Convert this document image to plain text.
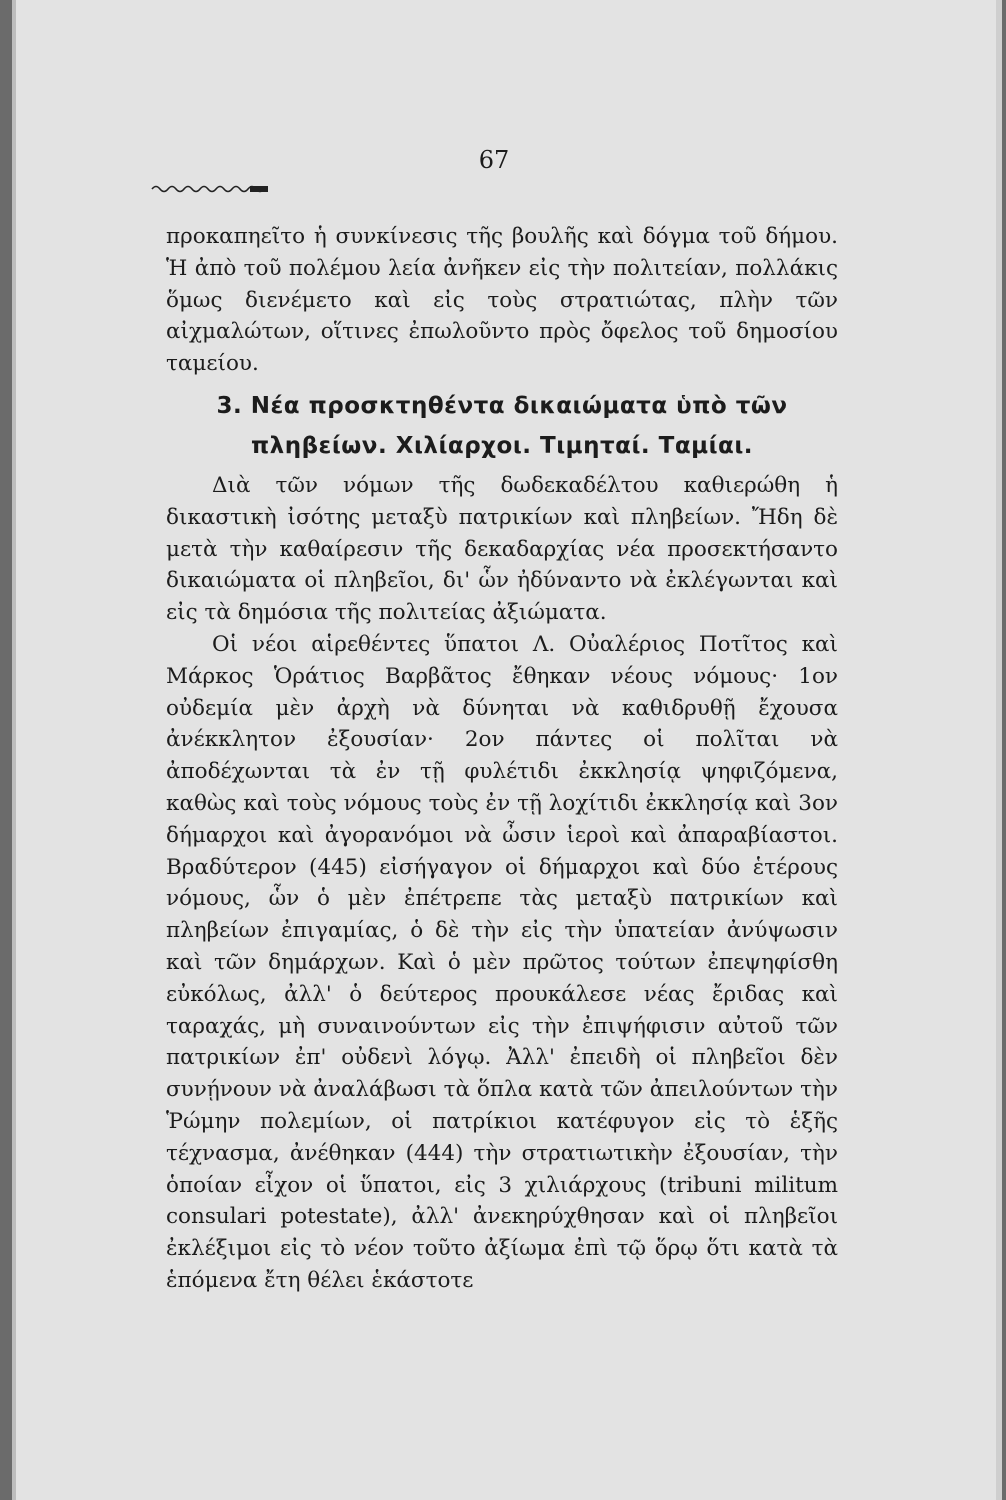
67

προκαπηεῖτο ἡ συνκίνεσις τῆς βουλῆς καὶ δόγμα τοῦ δήμου. Ἡ ἀπὸ τοῦ πολέμου λεία ἀνῆκεν εἰς τὴν πολιτείαν, πολλάκις ὅμως διενέμετο καὶ εἰς τοὺς στρατιώτας, πλὴν τῶν αἰχμαλώτων, οἵτινες ἐπωλοῦντο πρὸς ὄφελος τοῦ δημοσίου ταμείου.

3. Νέα προσκτηθέντα δικαιώματα ὑπὸ τῶν πληβείων. Χιλίαρχοι. Τιμηταί. Ταμίαι.

Διὰ τῶν νόμων τῆς δωδεκαδέλτου καθιερώθη ἡ δικαστικὴ ἰσότης μεταξὺ πατρικίων καὶ πληβείων. Ἤδη δὲ μετὰ τὴν καθαίρεσιν τῆς δεκαδαρχίας νέα προσεκτήσαντο δικαιώματα οἱ πληβεῖοι, δι' ὧν ἠδύναντο νὰ ἐκλέγωνται καὶ εἰς τὰ δημόσια τῆς πολιτείας ἀξιώματα.

Οἱ νέοι αἱρεθέντες ὕπατοι Λ. Οὐαλέριος Ποτῖτος καὶ Μάρκος Ὁράτιος Βαρβᾶτος ἔθηκαν νέους νόμους· 1ον οὐδεμία μὲν ἀρχὴ νὰ δύνηται νὰ καθιδρυθῇ ἔχουσα ἀνέκκλητον ἐξουσίαν· 2ον πάντες οἱ πολῖται νὰ ἀποδέχωνται τὰ ἐν τῇ φυλέτιδι ἐκκλησίᾳ ψηφιζόμενα, καθὼς καὶ τοὺς νόμους τοὺς ἐν τῇ λοχίτιδι ἐκκλησίᾳ καὶ 3ον δήμαρχοι καὶ ἀγορανόμοι νὰ ὦσιν ἱεροὶ καὶ ἀπαραβίαστοι. Βραδύτερον (445) εἰσήγαγον οἱ δήμαρχοι καὶ δύο ἑτέρους νόμους, ὧν ὁ μὲν ἐπέτρεπε τὰς μεταξὺ πατρικίων καὶ πληβείων ἐπιγαμίας, ὁ δὲ τὴν εἰς τὴν ὑπατείαν ἀνύψωσιν καὶ τῶν δημάρχων. Καὶ ὁ μὲν πρῶτος τούτων ἐπεψηφίσθη εὐκόλως, ἀλλ' ὁ δεύτερος προυκάλεσε νέας ἔριδας καὶ ταραχάς, μὴ συναινούντων εἰς τὴν ἐπιψήφισιν αὐτοῦ τῶν πατρικίων ἐπ' οὐδενὶ λόγῳ. Ἀλλ' ἐπειδὴ οἱ πληβεῖοι δὲν συνῄνουν νὰ ἀναλάβωσι τὰ ὅπλα κατὰ τῶν ἀπειλούντων τὴν Ῥώμην πολεμίων, οἱ πατρίκιοι κατέφυγον εἰς τὸ ἑξῆς τέχνασμα, ἀνέθηκαν (444) τὴν στρατιωτικὴν ἐξουσίαν, τὴν ὁποίαν εἶχον οἱ ὕπατοι, εἰς 3 χιλιάρχους (tribuni militum consulari potestate), ἀλλ' ἀνεκηρύχθησαν καὶ οἱ πληβεῖοι ἐκλέξιμοι εἰς τὸ νέον τοῦτο ἀξίωμα ἐπὶ τῷ ὅρῳ ὅτι κατὰ τὰ ἑπόμενα ἔτη θέλει ἑκάστοτε
